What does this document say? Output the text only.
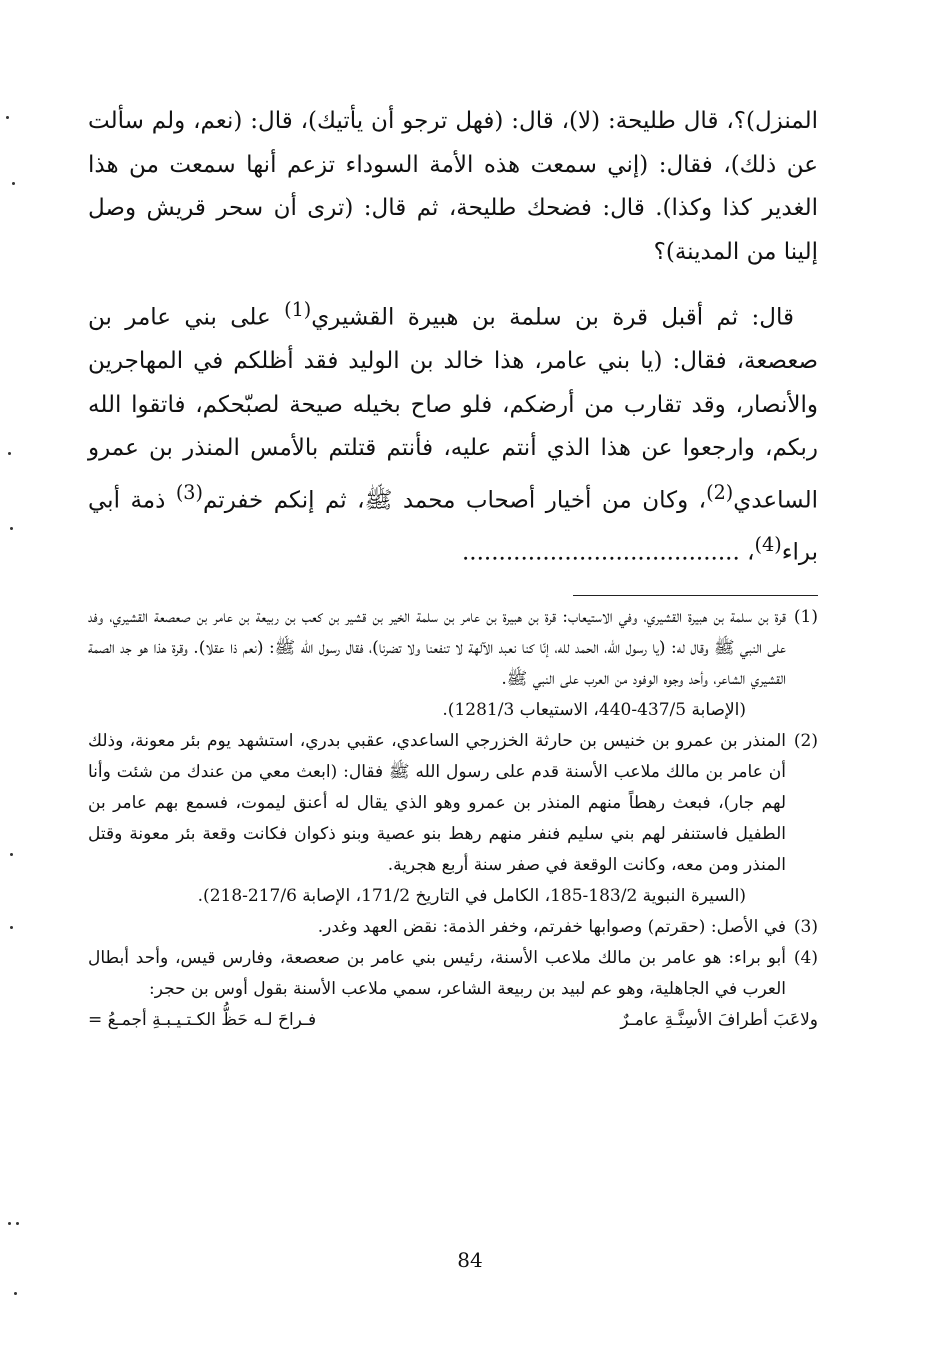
المنزل)؟، قال طليحة: (لا)، قال: (فهل ترجو أن يأتيك)، قال: (نعم، ولم سألت عن ذلك)، فقال: (إني سمعت هذه الأمة السوداء تزعم أنها سمعت من هذا الغدير كذا وكذا). قال: فضحك طليحة، ثم قال: (ترى أن سحر قريش وصل إلينا من المدينة)؟

قال: ثم أقبل قرة بن سلمة بن هبيرة القشيري$^{(1)}$ على بني عامر بن صعصعة، فقال: (يا بني عامر، هذا خالد بن الوليد فقد أظلكم في المهاجرين والأنصار، وقد تقارب من أرضكم، فلو صاح بخيله صيحة لصبّحكم، فاتقوا الله ربكم، وارجعوا عن هذا الذي أنتم عليه، فأنتم قتلتم بالأمس المنذر بن عمرو الساعدي$^{(2)}$، وكان من أخيار أصحاب محمد ﷺ، ثم إنكم خفرتم$^{(3)}$ ذمة أبي براء$^{(4)}$، ......................................

(1)
قرة بن سلمة بن هبيرة القشيري، وفي الاستيعاب: قرة بن هبيرة بن عامر بن سلمة الخير بن قشير بن كعب بن ربيعة بن عامر بن صعصعة القشيري، وفد على النبي ﷺ وقال له: (يا رسول الله، الحمد لله، إنّا كنا نعبد الآلهة لا تنفعنا ولا تضرنا)، فقال رسول الله ﷺ: (نعم ذا عقلا). وقرة هذا هو جد الصمة القشيري الشاعر، وأحد وجوه الوفود من العرب على النبي ﷺ.
(الإصابة 437/5-440، الاستيعاب 1281/3).
(2)
المنذر بن عمرو بن خنيس بن حارثة الخزرجي الساعدي، عقبي بدري، استشهد يوم بئر معونة، وذلك أن عامر بن مالك ملاعب الأسنة قدم على رسول الله ﷺ فقال: (ابعث معي من عندك من شئت وأنا لهم جار)، فبعث رهطاً منهم المنذر بن عمرو وهو الذي يقال له أعنق ليموت، فسمع بهم عامر بن الطفيل فاستنفر لهم بني سليم فنفر منهم رهط بنو عصية وبنو ذكوان فكانت وقعة بئر معونة وقتل المنذر ومن معه، وكانت الوقعة في صفر سنة أربع هجرية.
(السيرة النبوية 183/2-185، الكامل في التاريخ 171/2، الإصابة 217/6-218).
(3)
في الأصل: (حقرتم) وصوابها خفرتم، وخفر الذمة: نقض العهد وغدر.
(4)
أبو براء: هو عامر بن مالك ملاعب الأسنة، رئيس بني عامر بن صعصعة، وفارس قيس، وأحد أبطال العرب في الجاهلية، وهو عم لبيد بن ربيعة الشاعر، سمي ملاعب الأسنة بقول أوس بن حجر:
ولاعَبَ أطرافَ الأسِنَّـةِ عامـرٌ
فـراحَ لـه حَظُّ الكـتـيـبـةِ أجمـعُ =
84
